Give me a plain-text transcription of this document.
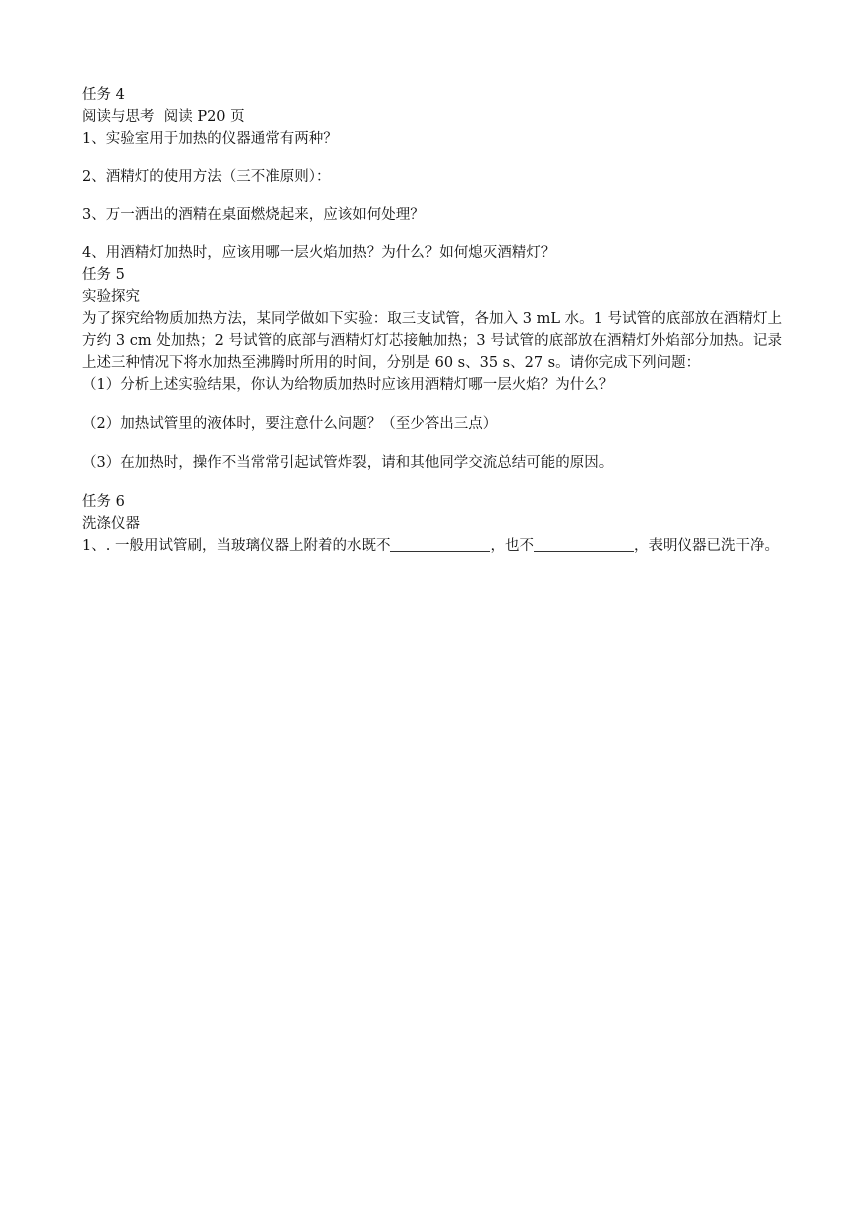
任务 4

阅读与思考  阅读 P20 页

1、实验室用于加热的仪器通常有两种？

2、酒精灯的使用方法（三不准原则）：

3、万一洒出的酒精在桌面燃烧起来，应该如何处理？

4、用酒精灯加热时，应该用哪一层火焰加热？为什么？如何熄灭酒精灯？

任务 5

实验探究

为了探究给物质加热方法，某同学做如下实验：取三支试管，各加入 3 mL 水。1 号试管的底部放在酒精灯上方约 3 cm 处加热；2 号试管的底部与酒精灯灯芯接触加热；3 号试管的底部放在酒精灯外焰部分加热。记录上述三种情况下将水加热至沸腾时所用的时间，分别是 60 s、35 s、27 s。请你完成下列问题：

（1）分析上述实验结果，你认为给物质加热时应该用酒精灯哪一层火焰？为什么？

（2）加热试管里的液体时，要注意什么问题？（至少答出三点）

（3）在加热时，操作不当常常引起试管炸裂，请和其他同学交流总结可能的原因。

任务 6

洗涤仪器

1、. 一般用试管刷，当玻璃仪器上附着的水既不	，也不	，表明仪器已洗干净。
